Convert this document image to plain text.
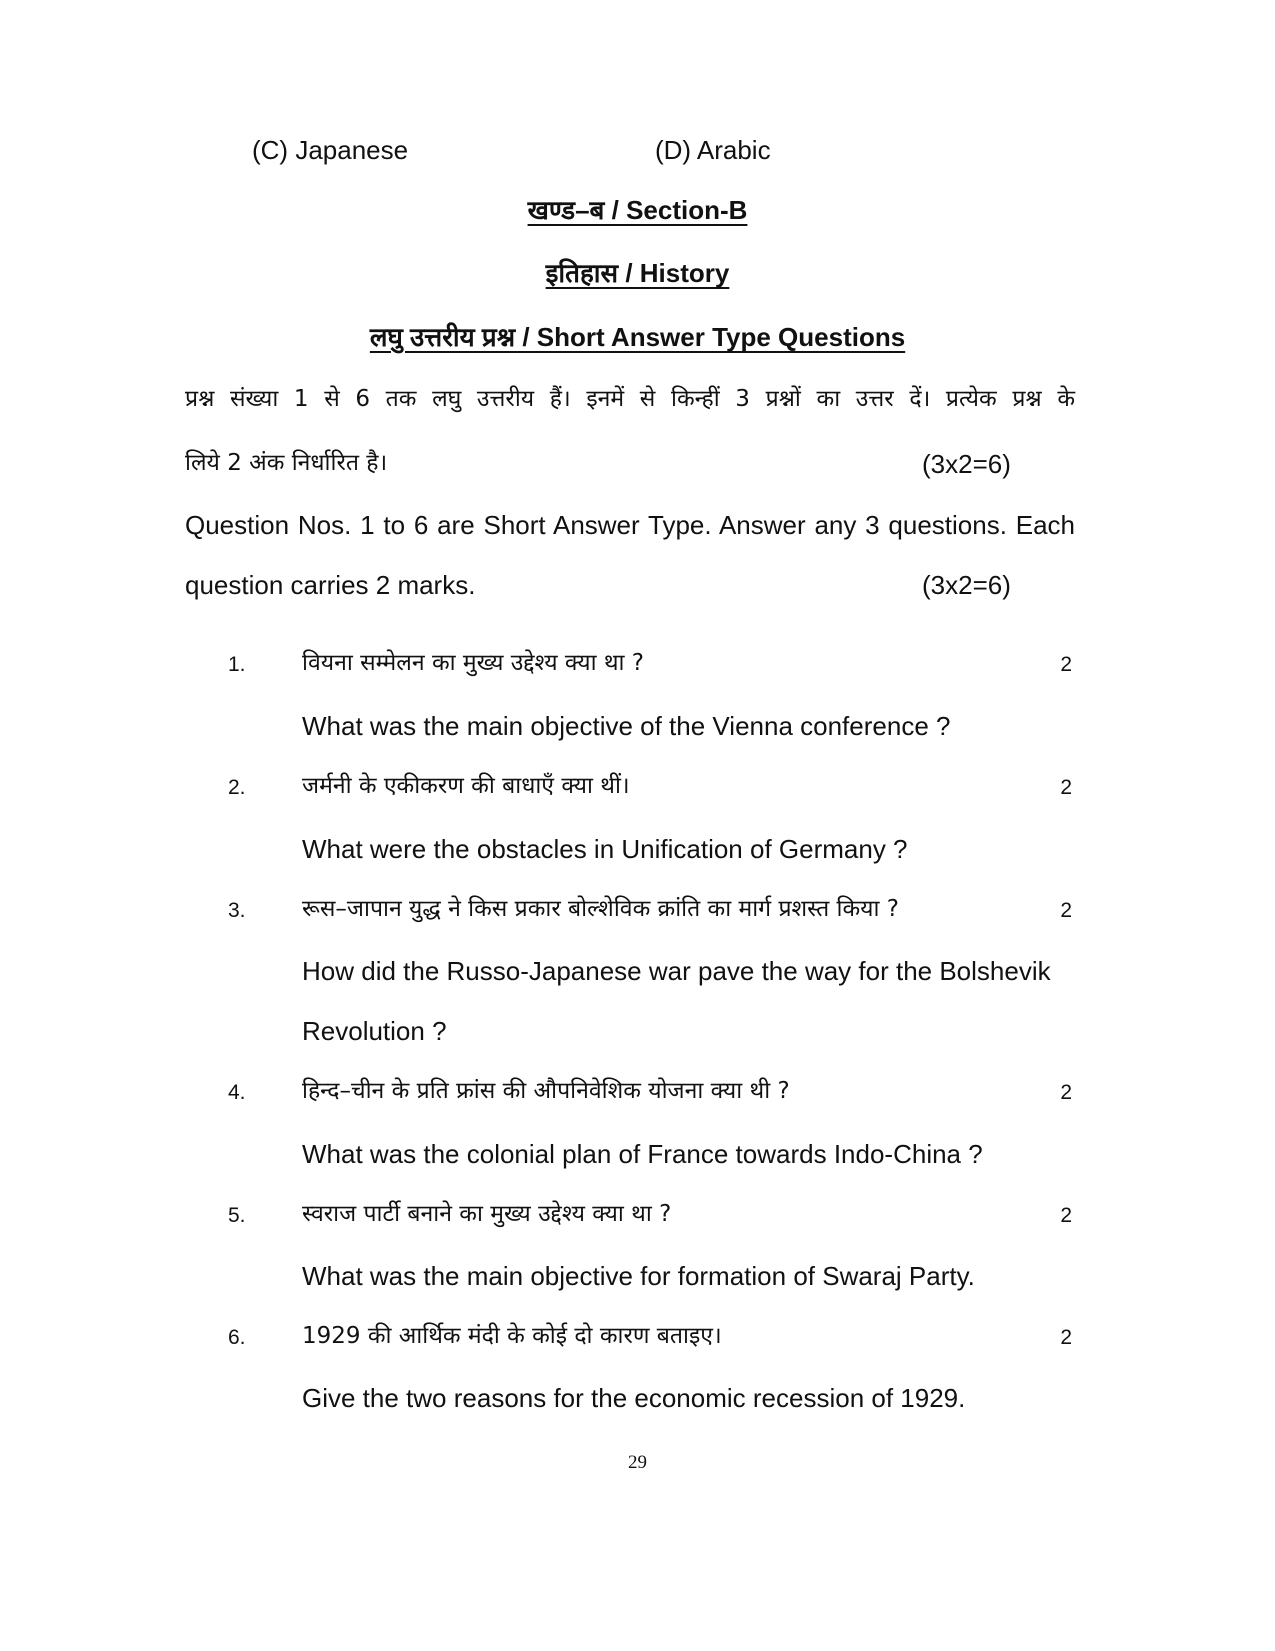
(C) Japanese	(D) Arabic
खण्ड–ब / Section-B
इतिहास / History
लघु उत्तरीय प्रश्न / Short Answer Type Questions
प्रश्न संख्या 1 से 6 तक लघु उत्तरीय हैं। इनमें से किन्हीं 3 प्रश्नों का उत्तर दें। प्रत्येक प्रश्न के
लिये 2 अंक निर्धारित है।	(3x2=6)
Question Nos. 1 to 6 are Short Answer Type. Answer any 3 questions. Each
question carries 2 marks.	(3x2=6)
1. वियना सम्मेलन का मुख्य उद्देश्य क्या था ?	2
What was the main objective of the Vienna conference ?
2. जर्मनी के एकीकरण की बाधाएँ क्या थीं।	2
What were the obstacles in Unification of Germany ?
3. रूस–जापान युद्ध ने किस प्रकार बोल्शेविक क्रांति का मार्ग प्रशस्त किया ?	2
How did the Russo-Japanese war pave the way for the Bolshevik
Revolution ?
4. हिन्द–चीन के प्रति फ्रांस की औपनिवेशिक योजना क्या थी ?	2
What was the colonial plan of France towards Indo-China ?
5. स्वराज पार्टी बनाने का मुख्य उद्देश्य क्या था ?	2
What was the main objective for formation of Swaraj Party.
6. 1929 की आर्थिक मंदी के कोई दो कारण बताइए।	2
Give the two reasons for the economic recession of 1929.
29
